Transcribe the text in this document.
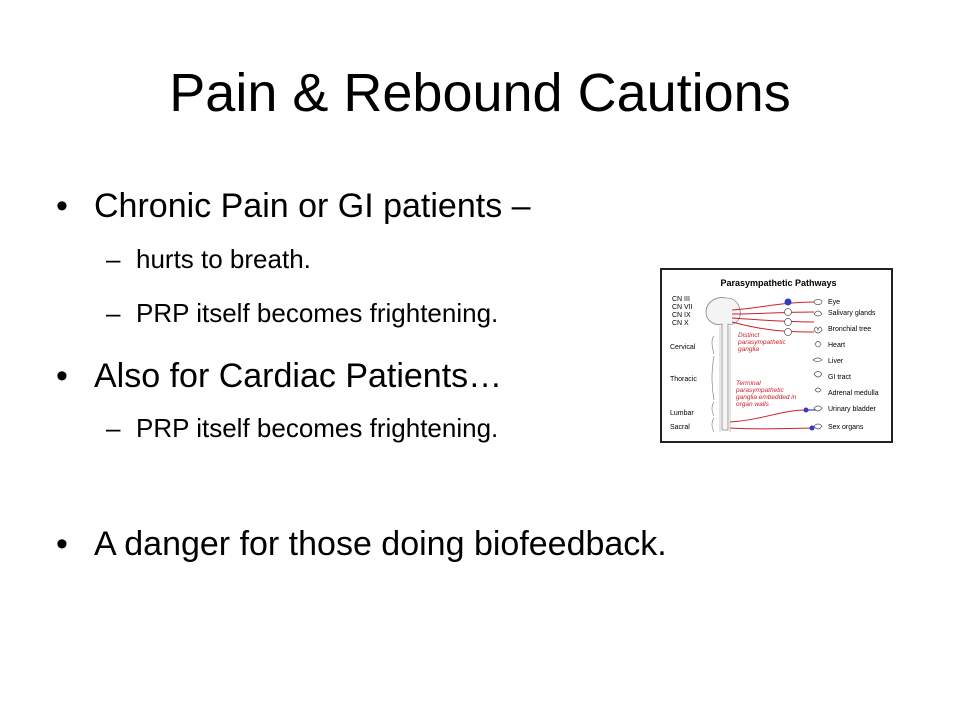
Pain & Rebound Cautions
• Chronic Pain or GI patients –
– hurts to breath.
– PRP itself becomes frightening.
• Also for Cardiac Patients…
– PRP itself becomes frightening.
• A danger for those doing biofeedback.
Parasympathetic Pathways
CN III
CN VII
CN IX
CN X
Cervical
Thoracic
Lumbar
Sacral
Eye
Salivary glands
Bronchial tree
Heart
Liver
GI tract
Adrenal medulla
Urinary bladder
Sex organs
Distinct parasympathetic ganglia
Terminal parasympathetic ganglia embedded in organ walls
